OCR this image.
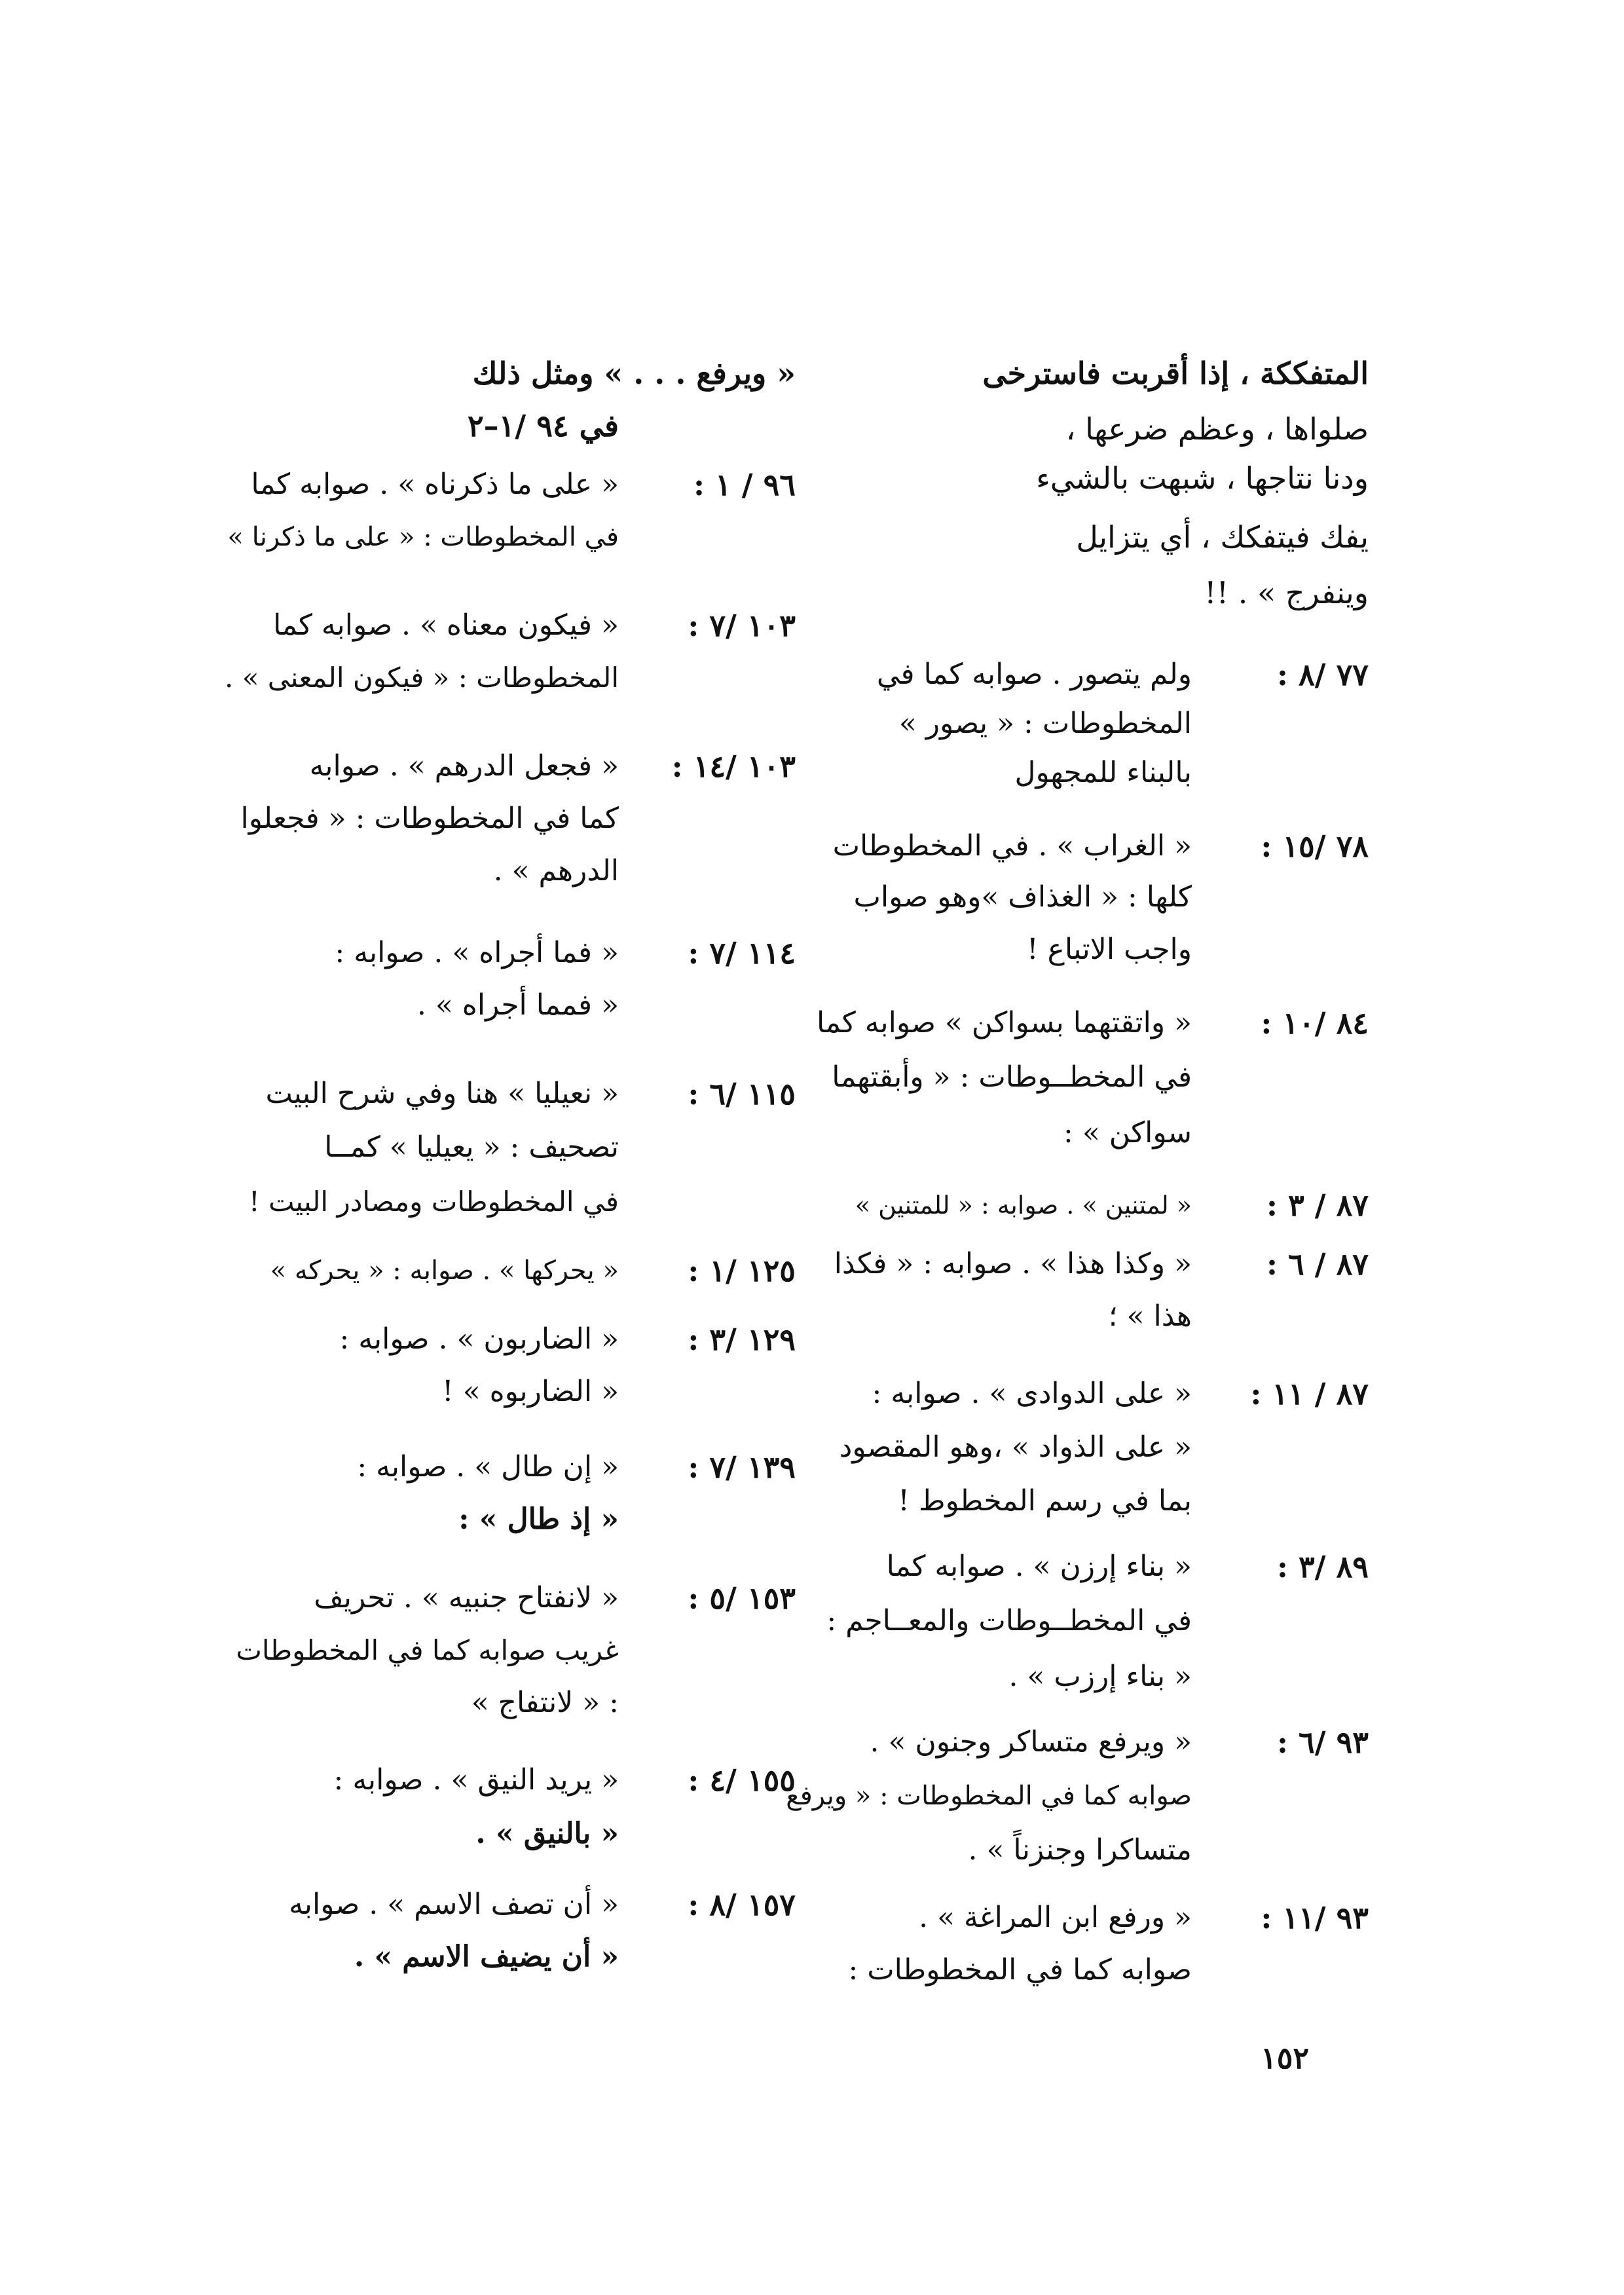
المتفككة ، إذا أقربت فاسترخى
صلواها ، وعظم ضرعها ،
ودنا نتاجها ، شبهت بالشيء
يفك فيتفكك ، أي يتزايل
وينفرج » . !!
٧٧ /٨ :
ولم يتصور . صوابه كما في
المخطوطات : « يصور »
بالبناء للمجهول
٧٨ /١٥ :
« الغراب » . في المخطوطات
كلها : « الغذاف »وهو صواب
واجب الاتباع !
٨٤ /١٠ :
« واتقتهما بسواكن » صوابه كما
في المخطــوطات : « وأبقتهما
سواكن » :
٨٧ / ٣ :
« لمتنين » . صوابه : « للمتنين »
٨٧ / ٦ :
« وكذا هذا » . صوابه : « فكذا
هذا » ؛
٨٧ / ١١ :
« على الدوادى » . صوابه :
« على الذواد » ،وهو المقصود
بما في رسم المخطوط !
٨٩ /٣ :
« بناء إرزن » . صوابه كما
في المخطــوطات والمعــاجم :
« بناء إرزب » .
٩٣ /٦ :
« ويرفع متساكر وجنون » .
صوابه كما في المخطوطات : « ويرفع
متساكرا وجنزناً » .
٩٣ /١١ :
« ورفع ابن المراغة » .
صوابه كما في المخطوطات :
« ويرفع . . . » ومثل ذلك
في ٩٤ /١–٢
٩٦ / ١ :
« على ما ذكرناه » . صوابه كما
في المخطوطات : « على ما ذكرنا »
١٠٣ /٧ :
« فيكون معناه » . صوابه كما
المخطوطات : « فيكون المعنى » .
١٠٣ /١٤ :
« فجعل الدرهم » . صوابه
كما في المخطوطات : « فجعلوا
الدرهم » .
١١٤ /٧ :
« فما أجراه » . صوابه :
« فمما أجراه » .
١١٥ /٦ :
« نعيليا » هنا وفي شرح البيت
تصحيف : « يعيليا » كمــا
في المخطوطات ومصادر البيت !
١٢٥ /١ :
« يحركها » . صوابه : « يحركه »
١٢٩ /٣ :
« الضاربون » . صوابه :
« الضاربوه » !
١٣٩ /٧ :
« إن طال » . صوابه :
« إذ طال » :
١٥٣ /٥ :
« لانفتاح جنبيه » . تحريف
غريب صوابه كما في المخطوطات
: « لانتفاج »
١٥٥ /٤ :
« يريد النيق » . صوابه :
« بالنيق » .
١٥٧ /٨ :
« أن تصف الاسم » . صوابه
« أن يضيف الاسم » .
١٥٢
